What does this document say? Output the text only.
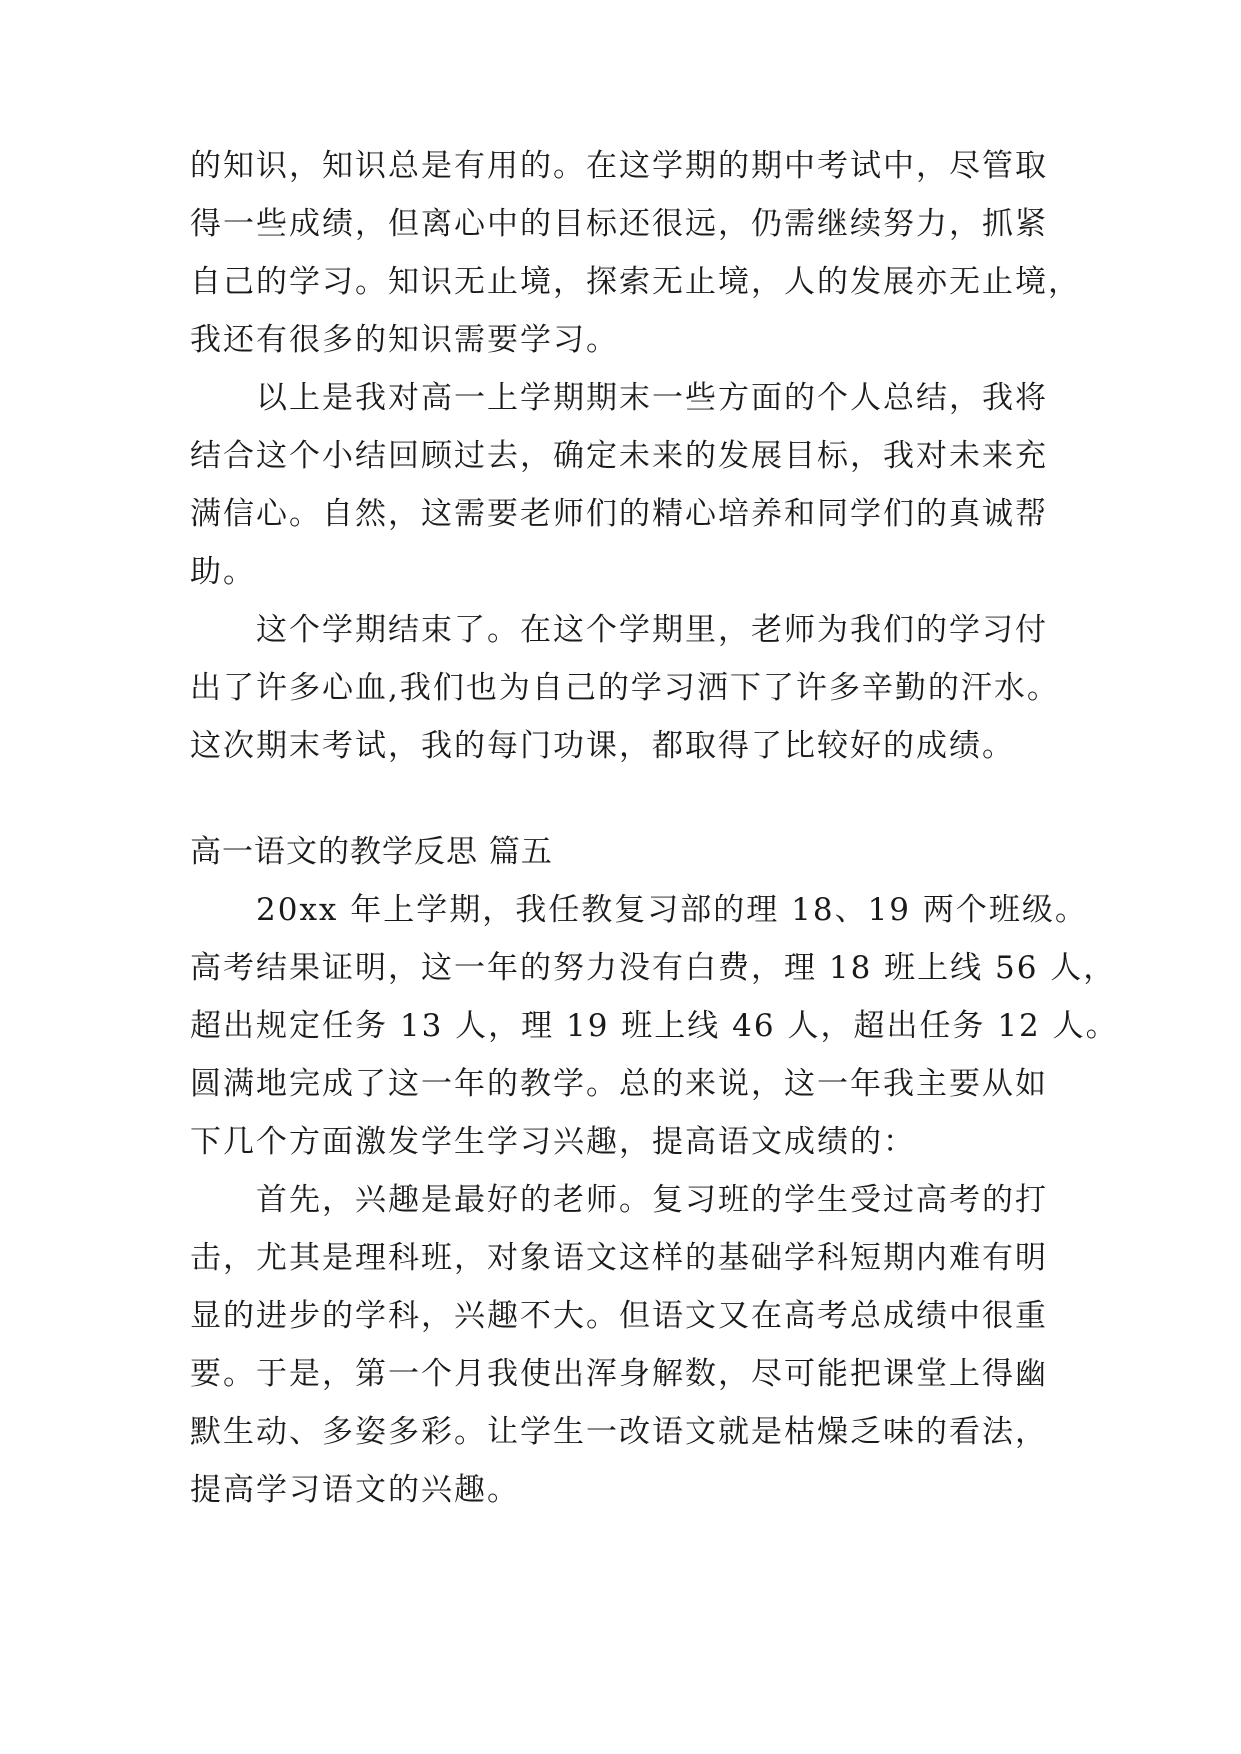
的知识，知识总是有用的。在这学期的期中考试中，尽管取
得一些成绩，但离心中的目标还很远，仍需继续努力，抓紧
自己的学习。知识无止境，探索无止境，人的发展亦无止境，
我还有很多的知识需要学习。
以上是我对高一上学期期末一些方面的个人总结，我将
结合这个小结回顾过去，确定未来的发展目标，我对未来充
满信心。自然，这需要老师们的精心培养和同学们的真诚帮
助。
这个学期结束了。在这个学期里，老师为我们的学习付
出了许多心血,我们也为自己的学习洒下了许多辛勤的汗水。
这次期末考试，我的每门功课，都取得了比较好的成绩。
高一语文的教学反思 篇五
20xx 年上学期，我任教复习部的理 18、19 两个班级。
高考结果证明，这一年的努力没有白费，理 18 班上线 56 人，
超出规定任务 13 人，理 19 班上线 46 人，超出任务 12 人。
圆满地完成了这一年的教学。总的来说，这一年我主要从如
下几个方面激发学生学习兴趣，提高语文成绩的：
首先，兴趣是最好的老师。复习班的学生受过高考的打
击，尤其是理科班，对象语文这样的基础学科短期内难有明
显的进步的学科，兴趣不大。但语文又在高考总成绩中很重
要。于是，第一个月我使出浑身解数，尽可能把课堂上得幽
默生动、多姿多彩。让学生一改语文就是枯燥乏味的看法，
提高学习语文的兴趣。
